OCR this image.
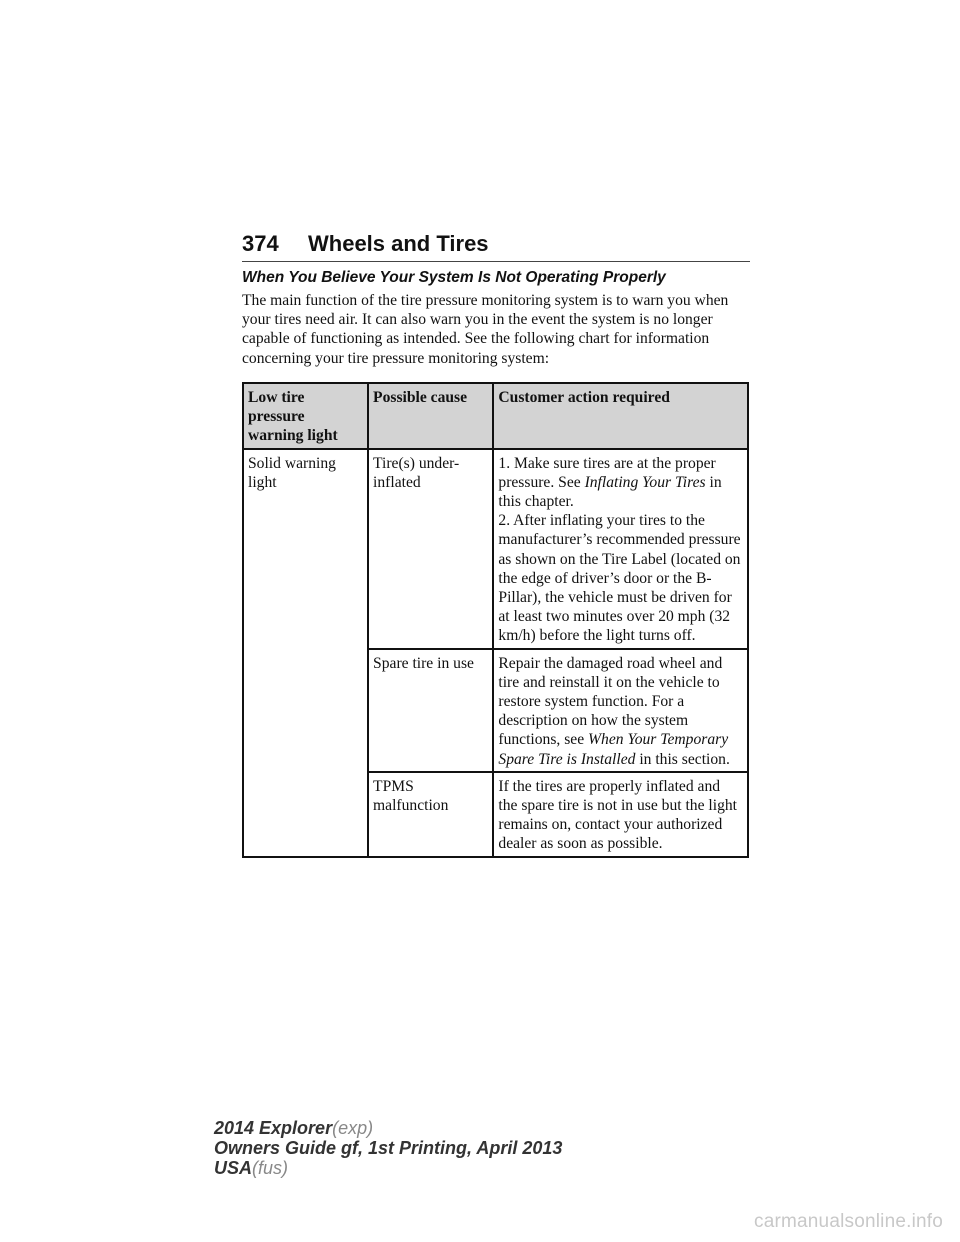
374 Wheels and Tires
When You Believe Your System Is Not Operating Properly

The main function of the tire pressure monitoring system is to warn you when your tires need air. It can also warn you in the event the system is no longer capable of functioning as intended. See the following chart for information concerning your tire pressure monitoring system:

Low tire pressure warning light	Possible cause	Customer action required
Solid warning light	Tire(s) under-inflated	1. Make sure tires are at the proper pressure. See Inflating Your Tires in this chapter.
2. After inflating your tires to the manufacturer’s recommended pressure as shown on the Tire Label (located on the edge of driver’s door or the B-Pillar), the vehicle must be driven for at least two minutes over 20 mph (32 km/h) before the light turns off.
	Spare tire in use	Repair the damaged road wheel and tire and reinstall it on the vehicle to restore system function. For a description on how the system functions, see When Your Temporary Spare Tire is Installed in this section.
	TPMS malfunction	If the tires are properly inflated and the spare tire is not in use but the light remains on, contact your authorized dealer as soon as possible.
2014 Explorer(exp)
Owners Guide gf, 1st Printing, April 2013
USA(fus)
carmanualsonline.info
